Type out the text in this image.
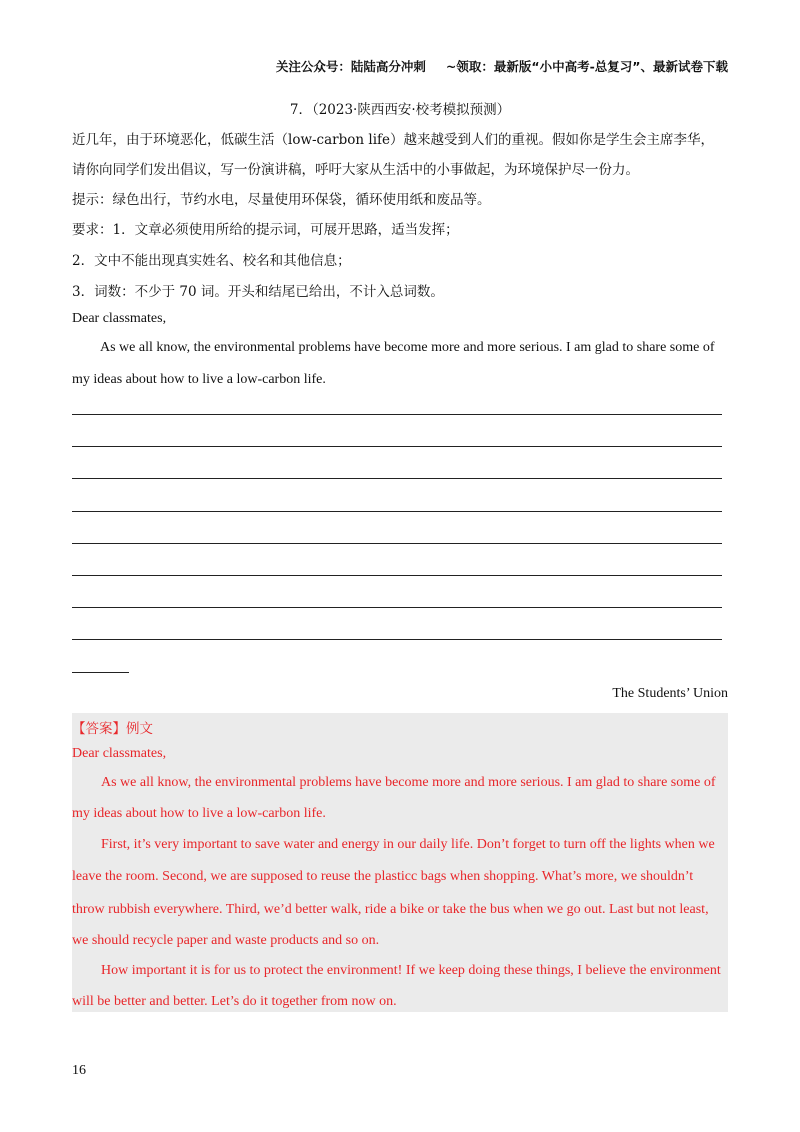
关注公众号：陆陆高分冲刺 ~领取：最新版“小中高考-总复习”、最新试卷下载
7．（2023·陕西西安·校考模拟预测）
近几年，由于环境恶化，低碳生活（low-carbon life）越来越受到人们的重视。假如你是学生会主席李华，
请你向同学们发出倡议，写一份演讲稿，呼吁大家从生活中的小事做起，为环境保护尽一份力。
提示：绿色出行，节约水电，尽量使用环保袋，循环使用纸和废品等。
要求：1．文章必须使用所给的提示词，可展开思路，适当发挥；
2．文中不能出现真实姓名、校名和其他信息；
3．词数：不少于 70 词。开头和结尾已给出，不计入总词数。
Dear classmates,
As we all know, the environmental problems have become more and more serious. I am glad to share some of
my ideas about how to live a low-carbon life.
The Students’ Union
【答案】例文
Dear classmates,
As we all know, the environmental problems have become more and more serious. I am glad to share some of
my ideas about how to live a low-carbon life.
First, it’s very important to save water and energy in our daily life. Don’t forget to turn off the lights when we
leave the room. Second, we are supposed to reuse the plasticc bags when shopping. What’s more, we shouldn’t
throw rubbish everywhere. Third, we’d better walk, ride a bike or take the bus when we go out. Last but not least,
we should recycle paper and waste products and so on.
How important it is for us to protect the environment! If we keep doing these things, I believe the environment
will be better and better. Let’s do it together from now on.
16
